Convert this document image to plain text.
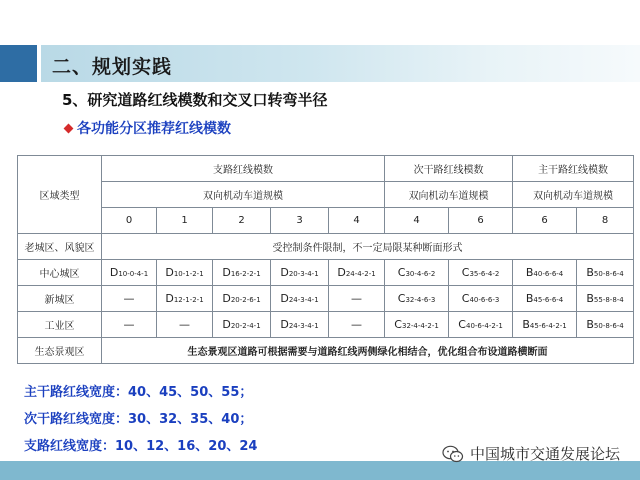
二、规划实践
5、研究道路红线模数和交叉口转弯半径
各功能分区推荐红线模数
区域类型	支路红线模数					次干路红线模数		主干路红线模数	
	双向机动车道规模					双向机动车道规模		双向机动车道规模	
	0	1	2	3	4	4	6	6	8
老城区、风貌区	受控制条件限制，不一定局限某种断面形式								
中心城区	D10-0-4-1	D10-1-2-1	D16-2-2-1	D20-3-4-1	D24-4-2-1	C30-4-6-2	C35-6-4-2	B40-6-6-4	B50-8-6-4
新城区	—	D12-1-2-1	D20-2-6-1	D24-3-4-1	—	C32-4-6-3	C40-6-6-3	B45-6-6-4	B55-8-8-4
工业区	—	—	D20-2-4-1	D24-3-4-1	—	C32-4-4-2-1	C40-6-4-2-1	B45-6-4-2-1	B50-8-6-4
生态景观区	生态景观区道路可根据需要与道路红线两侧绿化相结合，优化组合布设道路横断面								
主干路红线宽度：40、45、50、55；
次干路红线宽度：30、32、35、40；
支路红线宽度：10、12、16、20、24	中国城市交通发展论坛
